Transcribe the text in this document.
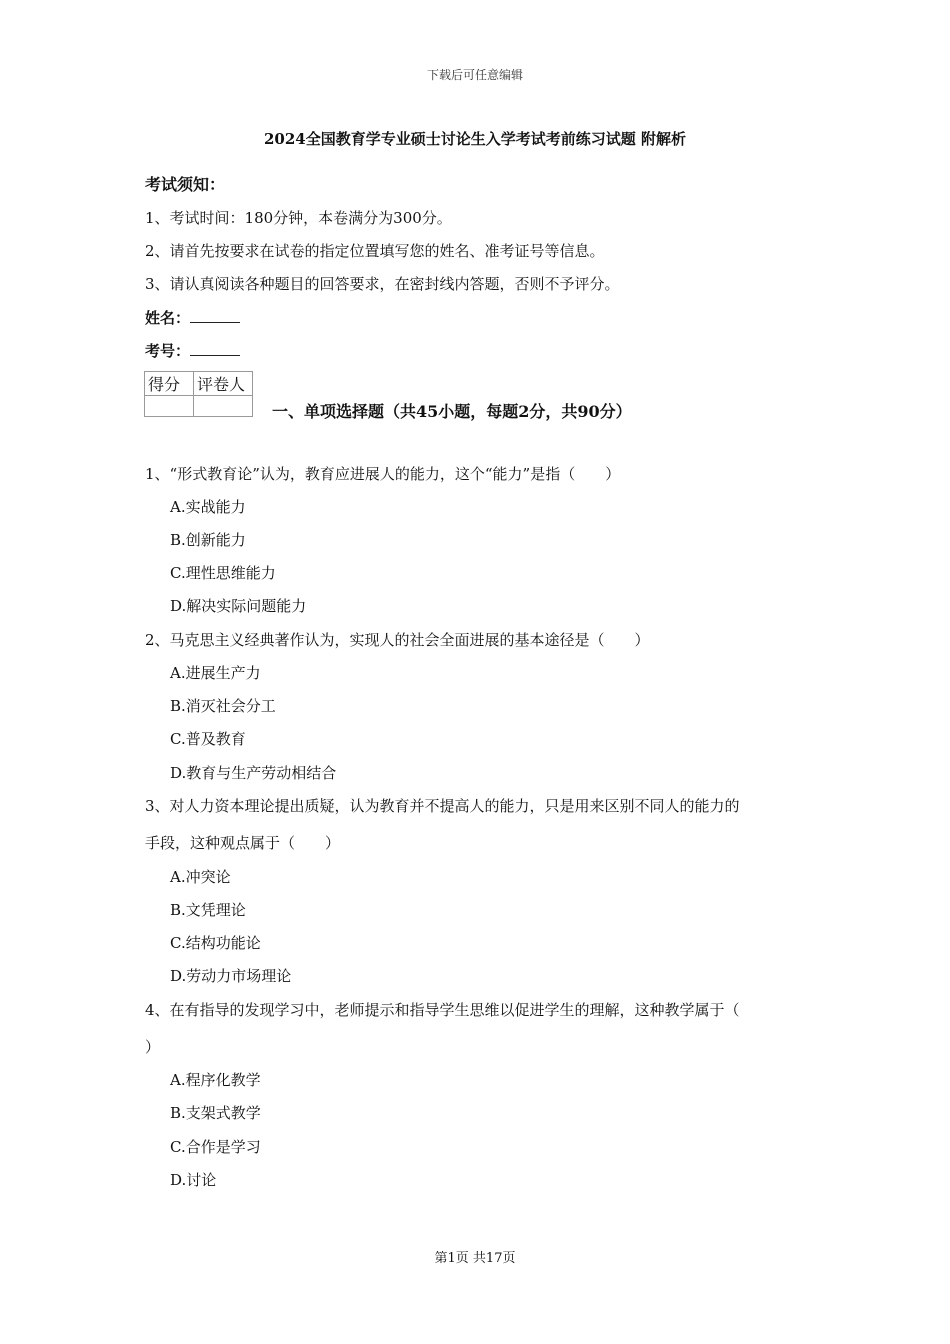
下载后可任意编辑
2024全国教育学专业硕士讨论生入学考试考前练习试题 附解析
考试须知：
1、考试时间：180分钟，本卷满分为300分。
2、请首先按要求在试卷的指定位置填写您的姓名、准考证号等信息。
3、请认真阅读各种题目的回答要求，在密封线内答题，否则不予评分。
姓名：
考号：
得分	评卷人

一、单项选择题（共45小题，每题2分，共90分）
1、“形式教育论”认为，教育应进展人的能力，这个“能力”是指（　　）
A.实战能力
B.创新能力
C.理性思维能力
D.解决实际问题能力
2、马克思主义经典著作认为，实现人的社会全面进展的基本途径是（　　）
A.进展生产力
B.消灭社会分工
C.普及教育
D.教育与生产劳动相结合
3、对人力资本理论提出质疑，认为教育并不提高人的能力，只是用来区别不同人的能力的
手段，这种观点属于（　　）
A.冲突论
B.文凭理论
C.结构功能论
D.劳动力市场理论
4、在有指导的发现学习中，老师提示和指导学生思维以促进学生的理解，这种教学属于（
）
A.程序化教学
B.支架式教学
C.合作是学习
D.讨论
第1页 共17页
